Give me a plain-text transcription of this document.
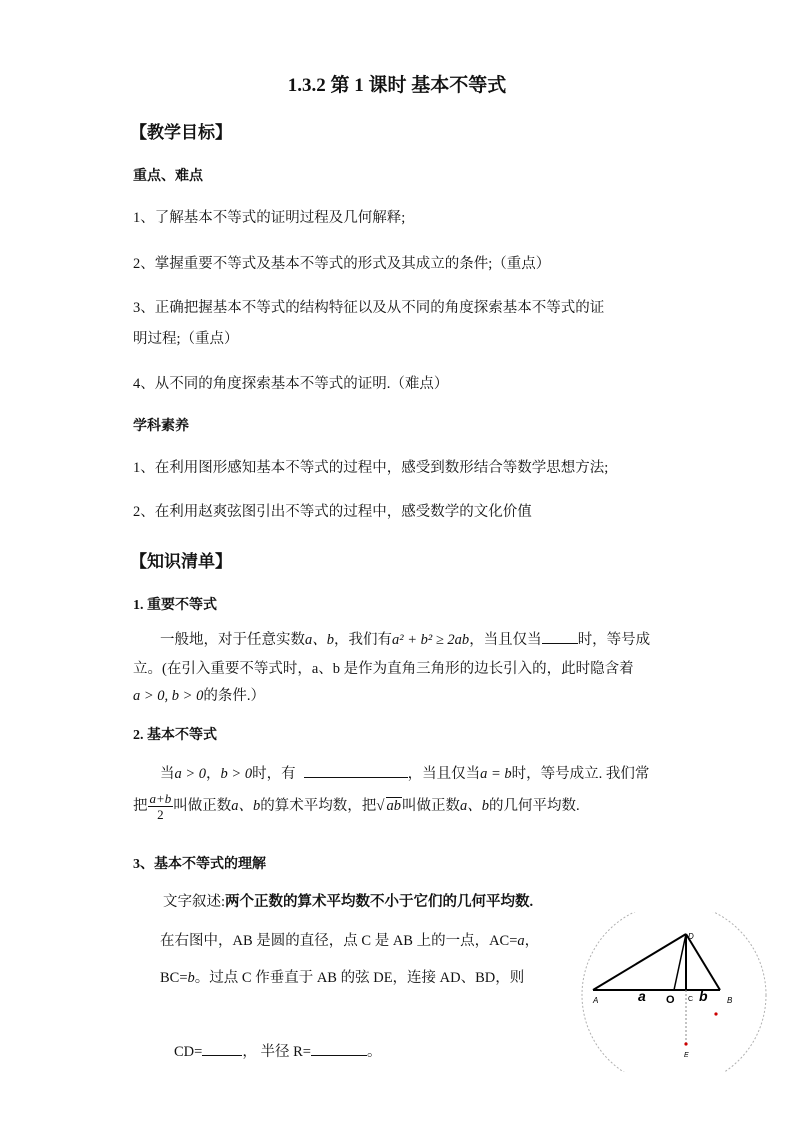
1.3.2 第 1 课时 基本不等式
【教学目标】
重点、难点
1、了解基本不等式的证明过程及几何解释;
2、掌握重要不等式及基本不等式的形式及其成立的条件;（重点）
3、正确把握基本不等式的结构特征以及从不同的角度探索基本不等式的证
明过程;（重点）
4、从不同的角度探索基本不等式的证明.（难点）
学科素养
1、在利用图形感知基本不等式的过程中，感受到数形结合等数学思想方法;
2、在利用赵爽弦图引出不等式的过程中，感受数学的文化价值
【知识清单】
1. 重要不等式
一般地，对于任意实数a、b，我们有a² + b² ≥ 2ab，当且仅当 时，等号成
立。(在引入重要不等式时，a、b 是作为直角三角形的边长引入的，此时隐含着
a > 0, b > 0的条件.）
2. 基本不等式
当a > 0，b > 0时，有	，当且仅当a = b时，等号成立. 我们常
把 $\frac{a+b}{2}$ 叫做正数a、b的算术平均数，把√ ab叫做正数a、b的几何平均数.
3、基本不等式的理解
文字叙述:两个正数的算术平均数不小于它们的几何平均数.
在右图中，AB 是圆的直径，点 C 是 AB 上的一点，AC=a，
BC=b。过点 C 作垂直于 AB 的弦 DE，连接 AD、BD，则
CD=	， 半径 R=	。
D
A	B
C
E
O
a	b
